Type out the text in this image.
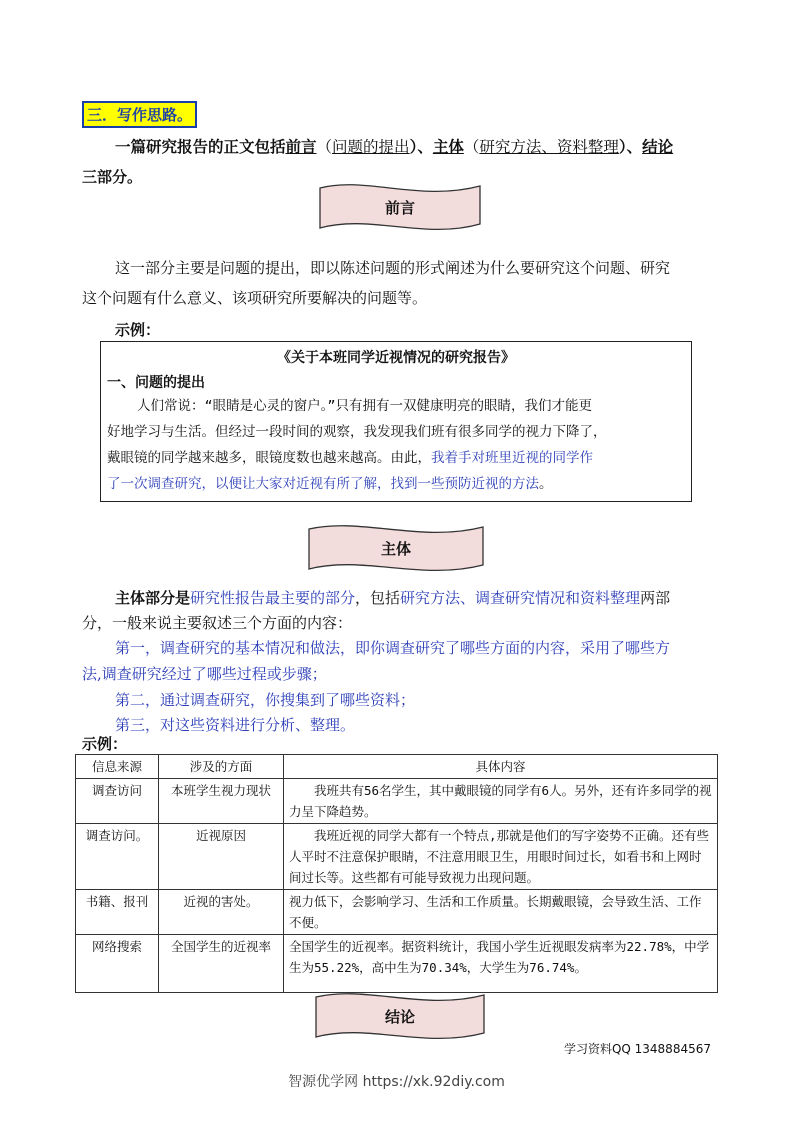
三．写作思路。
一篇研究报告的正文包括前言（问题的提出）、主体（研究方法、资料整理）、结论
三部分。
前言
这一部分主要是问题的提出，即以陈述问题的形式阐述为什么要研究这个问题、研究
这个问题有什么意义、该项研究所要解决的问题等。
示例：
《关于本班同学近视情况的研究报告》
一、问题的提出
人们常说：“眼睛是心灵的窗户。”只有拥有一双健康明亮的眼睛，我们才能更
好地学习与生活。但经过一段时间的观察，我发现我们班有很多同学的视力下降了，
戴眼镜的同学越来越多，眼镜度数也越来越高。由此，我着手对班里近视的同学作
了一次调查研究，以便让大家对近视有所了解，找到一些预防近视的方法。
主体
主体部分是研究性报告最主要的部分，包括研究方法、调查研究情况和资料整理两部
分，一般来说主要叙述三个方面的内容：
第一，调查研究的基本情况和做法，即你调查研究了哪些方面的内容，采用了哪些方
法,调查研究经过了哪些过程或步骤；
第二，通过调查研究，你搜集到了哪些资料；
第三，对这些资料进行分析、整理。
示例：
信息来源	涉及的方面	具体内容
调查访问	本班学生视力现状	我班共有56名学生，其中戴眼镜的同学有6人。另外，还有许多同学的视力呈下降趋势。
调查访问。	近视原因	我班近视的同学大都有一个特点,那就是他们的写字姿势不正确。还有些人平时不注意保护眼睛，不注意用眼卫生，用眼时间过长，如看书和上网时间过长等。这些都有可能导致视力出现问题。
书籍、报刊	近视的害处。	视力低下，会影响学习、生活和工作质量。长期戴眼镜，会导致生活、工作不便。
网络搜索	全国学生的近视率	全国学生的近视率。据资料统计，我国小学生近视眼发病率为22.78%，中学生为55.22%，高中生为70.34%，大学生为76.74%。
结论
学习资料QQ 1348884567
智源优学网 https://xk.92diy.com
